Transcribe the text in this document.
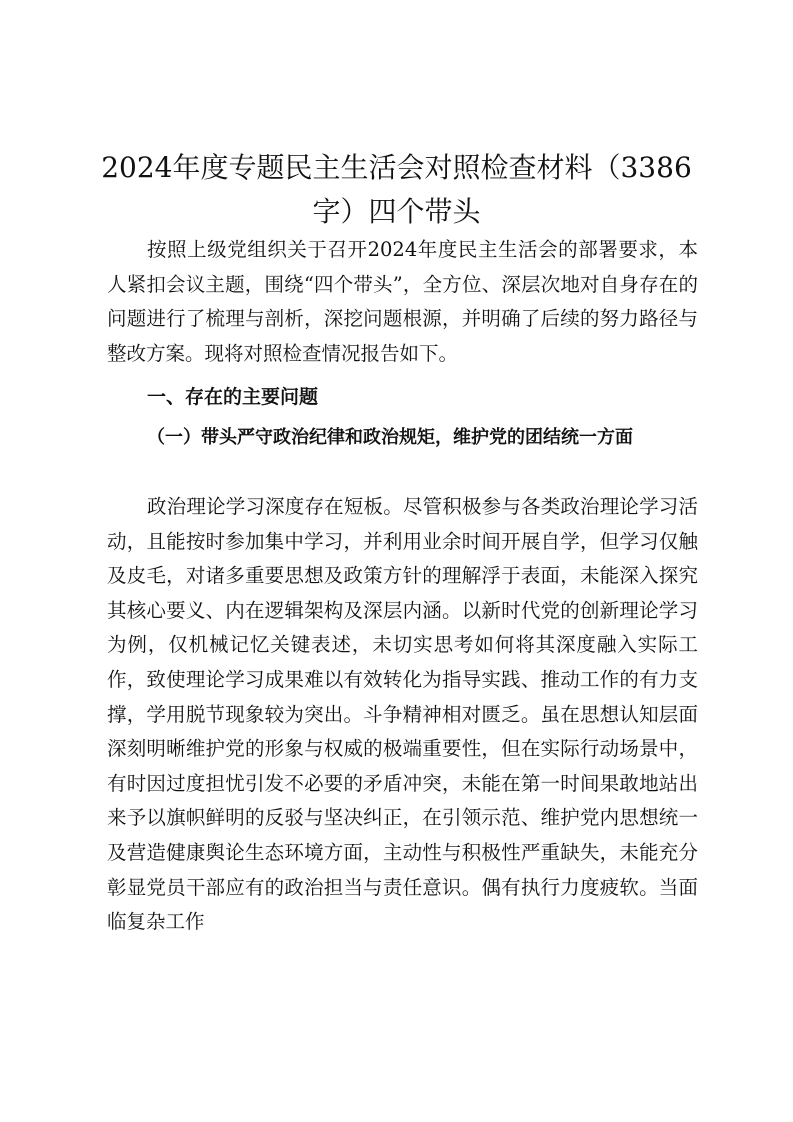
2024年度专题民主生活会对照检查材料（3386字）四个带头

按照上级党组织关于召开2024年度民主生活会的部署要求，本人紧扣会议主题，围绕“四个带头”，全方位、深层次地对自身存在的问题进行了梳理与剖析，深挖问题根源，并明确了后续的努力路径与整改方案。现将对照检查情况报告如下。

一、存在的主要问题
（一）带头严守政治纪律和政治规矩，维护党的团结统一方面

政治理论学习深度存在短板。尽管积极参与各类政治理论学习活动，且能按时参加集中学习，并利用业余时间开展自学，但学习仅触及皮毛，对诸多重要思想及政策方针的理解浮于表面，未能深入探究其核心要义、内在逻辑架构及深层内涵。以新时代党的创新理论学习为例，仅机械记忆关键表述，未切实思考如何将其深度融入实际工作，致使理论学习成果难以有效转化为指导实践、推动工作的有力支撑，学用脱节现象较为突出。斗争精神相对匮乏。虽在思想认知层面深刻明晰维护党的形象与权威的极端重要性，但在实际行动场景中，有时因过度担忧引发不必要的矛盾冲突，未能在第一时间果敢地站出来予以旗帜鲜明的反驳与坚决纠正，在引领示范、维护党内思想统一及营造健康舆论生态环境方面，主动性与积极性严重缺失，未能充分彰显党员干部应有的政治担当与责任意识。偶有执行力度疲软。当面临复杂工作
